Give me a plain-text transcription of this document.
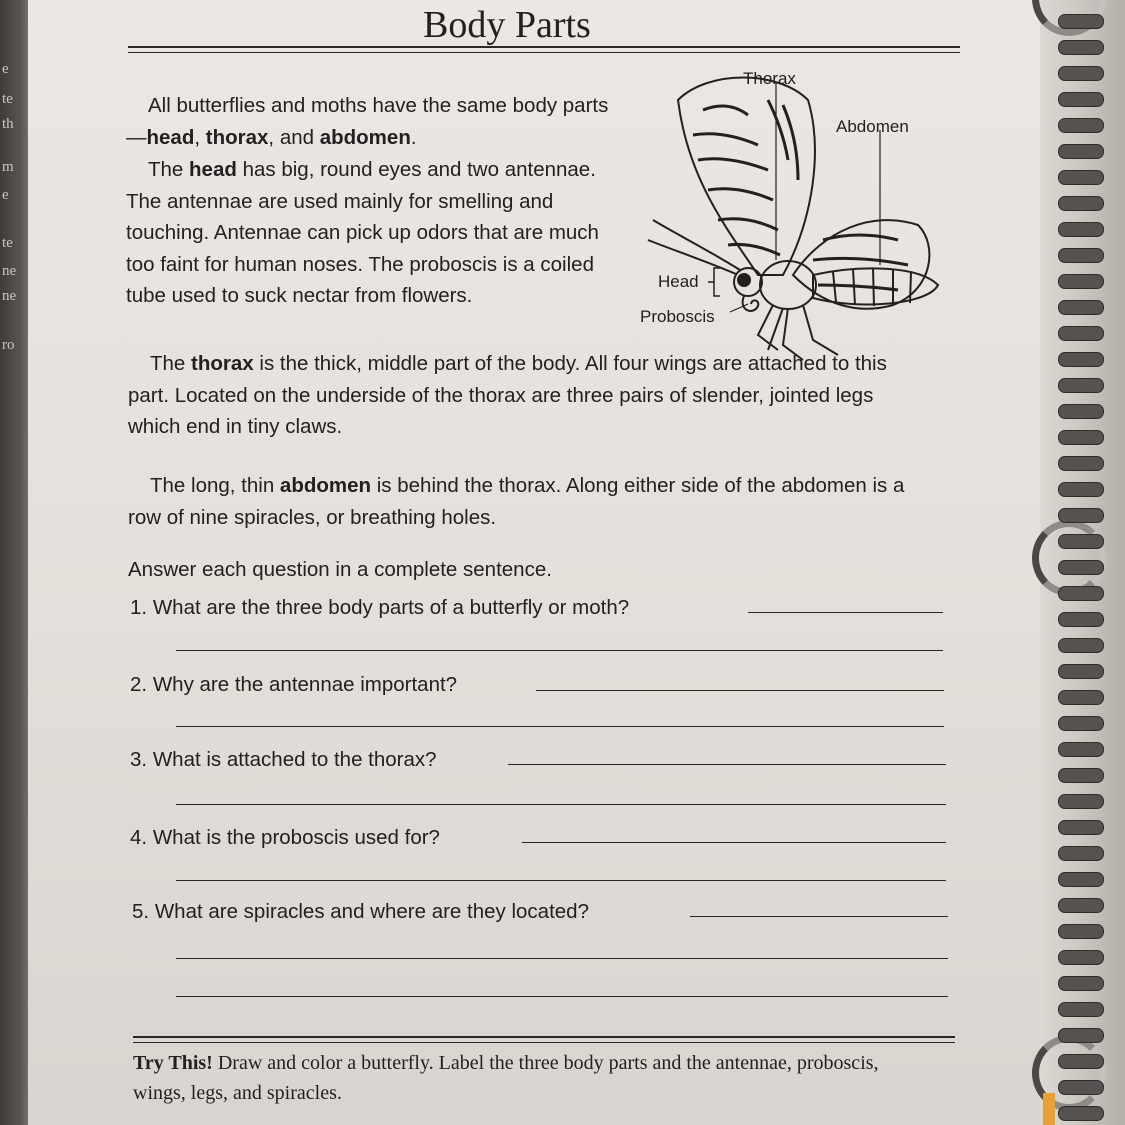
e
te
th
m
e
te
ne
ne
ro
Body Parts

All butterflies and moths have the same body parts—head, thorax, and abdomen.

The head has big, round eyes and two antennae. The antennae are used mainly for smelling and touching. Antennae can pick up odors that are much too faint for human noses. The proboscis is a coiled tube used to suck nectar from flowers.

The thorax is the thick, middle part of the body. All four wings are attached to this part. Located on the underside of the thorax are three pairs of slender, jointed legs which end in tiny claws.

The long, thin abdomen is behind the thorax. Along either side of the abdomen is a row of nine spiracles, or breathing holes.

Thorax
Abdomen
Head
Proboscis
Answer each question in a complete sentence.
1. What are the three body parts of a butterfly or moth?
2. Why are the antennae important?
3. What is attached to the thorax?
4. What is the proboscis used for?
5. What are spiracles and where are they located?

Try This! Draw and color a butterfly. Label the three body parts and the antennae, proboscis, wings, legs, and spiracles.
